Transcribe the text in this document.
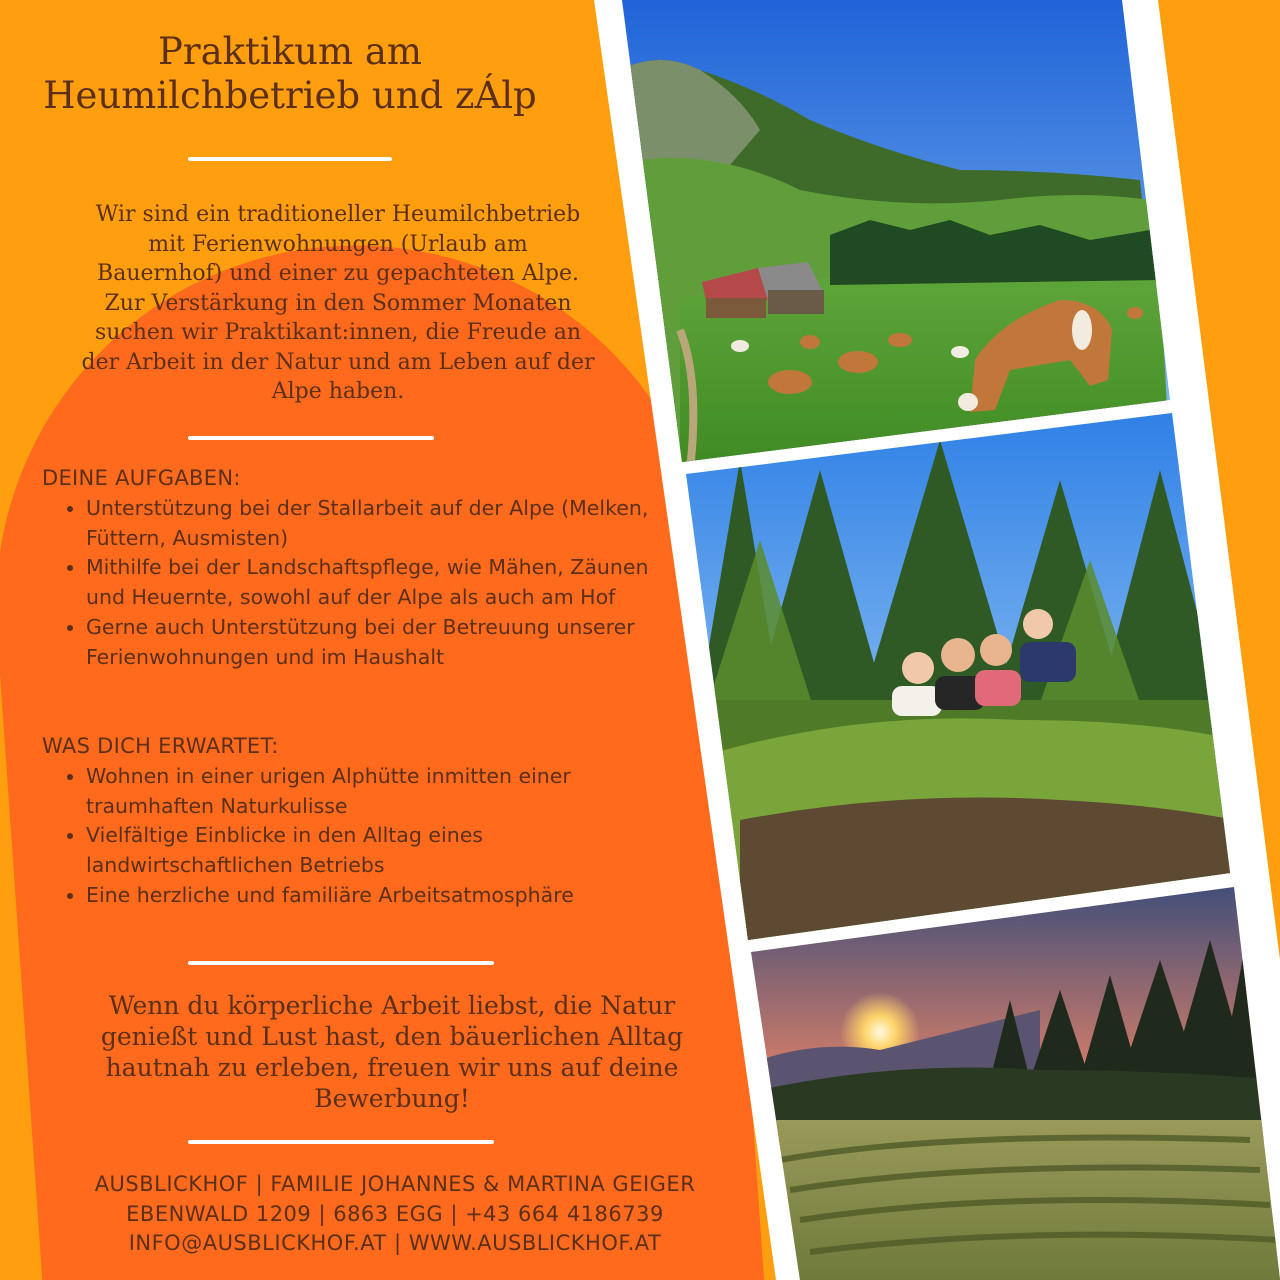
Praktikum am
Heumilchbetrieb und zÁlp
Wir sind ein traditioneller Heumilchbetrieb
mit Ferienwohnungen (Urlaub am
Bauernhof) und einer zu gepachteten Alpe.
Zur Verstärkung in den Sommer Monaten
suchen wir Praktikant:innen, die Freude an
der Arbeit in der Natur und am Leben auf der
Alpe haben.
DEINE AUFGABEN:
• Unterstützung bei der Stallarbeit auf der Alpe (Melken, Füttern, Ausmisten)
• Mithilfe bei der Landschaftspflege, wie Mähen, Zäunen und Heuernte, sowohl auf der Alpe als auch am Hof
• Gerne auch Unterstützung bei der Betreuung unserer Ferienwohnungen und im Haushalt
WAS DICH ERWARTET:
• Wohnen in einer urigen Alphütte inmitten einer traumhaften Naturkulisse
• Vielfältige Einblicke in den Alltag eines landwirtschaftlichen Betriebs
• Eine herzliche und familiäre Arbeitsatmosphäre
Wenn du körperliche Arbeit liebst, die Natur
genießt und Lust hast, den bäuerlichen Alltag
hautnah zu erleben, freuen wir uns auf deine
Bewerbung!
AUSBLICKHOF | FAMILIE JOHANNES & MARTINA GEIGER
EBENWALD 1209 | 6863 EGG | +43 664 4186739
INFO@AUSBLICKHOF.AT | WWW.AUSBLICKHOF.AT
